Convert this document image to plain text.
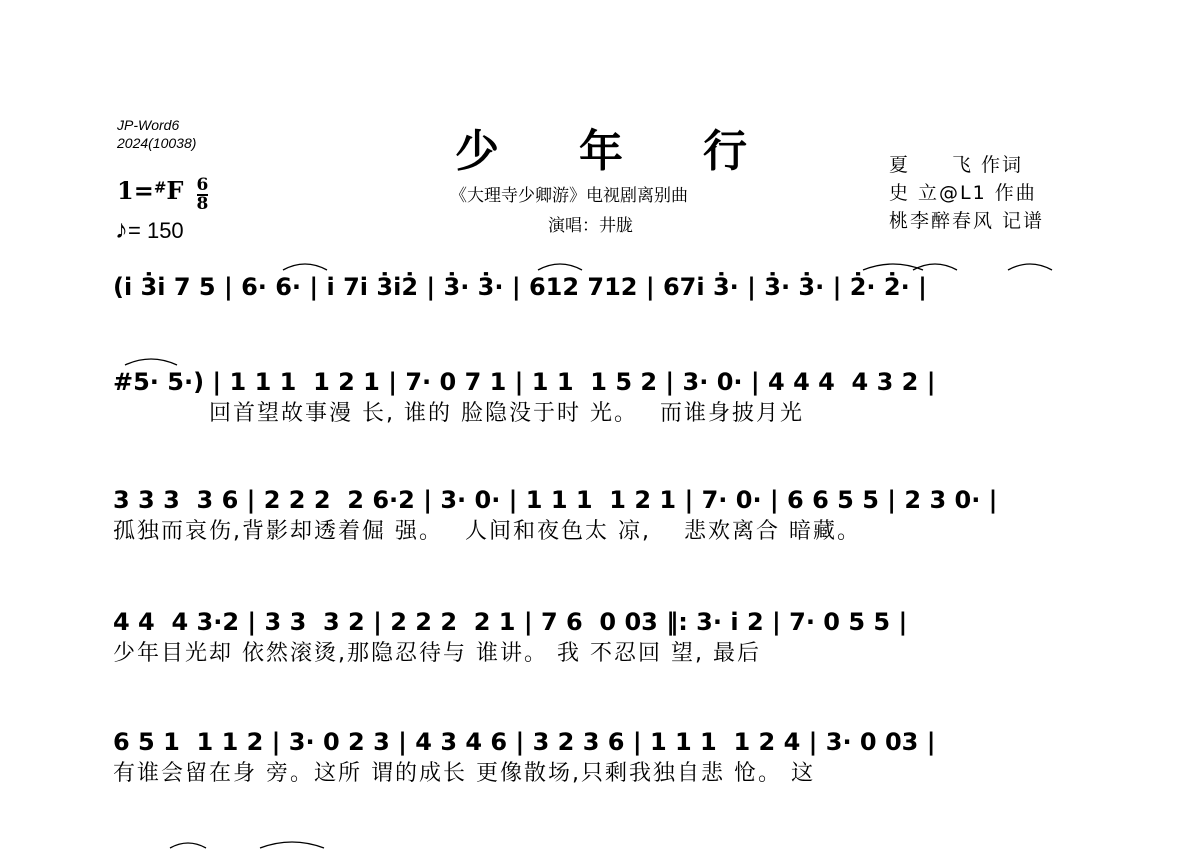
JP-Word6
2024(10038)	少年行
《大理寺少卿游》电视剧离别曲
演唱：井胧
夏　　飞 作词
史 立@L1 作曲
桃李醉春风 记谱
$1=^{\#}F \frac{6}{8}$
♪= 150
(i̇ 3̇i̇ 7 5 | 6· 6· | i̇ 7i̇ 3̇i̇2̇ | 3̇· 3̇· | 612 712 | 67i̇ 3̇· | 3̇· 3̇· | 2̇· 2̇· |
#5· 5·) | 1 1 1  1 2 1 | 7· 0 7 1 | 1 1  1 5 2 | 3· 0· | 4 4 4  4 3 2 |
　　　　回首望故事漫 长, 谁的 脸隐没于时 光。　 而谁身披月光
3 3 3  3 6 | 2 2 2  2 6·2 | 3· 0· | 1 1 1  1 2 1 | 7· 0· | 6 6 5 5 | 2 3 0· |
孤独而哀伤,背影却透着倔 强。　 人间和夜色太 凉,　 悲欢离合 暗藏。
4 4  4 3·2 | 3 3  3 2 | 2 2 2  2 1 | 7 6  0 03 ‖: 3· i̇ 2 | 7· 0 5 5 |
少年目光却 依然滚烫,那隐忍待与 谁讲。 我 不忍回 望, 最后
6 5 1  1 1 2 | 3· 0 2 3 | 4 3 4 6 | 3 2 3 6 | 1 1 1  1 2 4 | 3· 0 03 |
有谁会留在身 旁。这所 谓的成长 更像散场,只剩我独自悲 怆。 这
